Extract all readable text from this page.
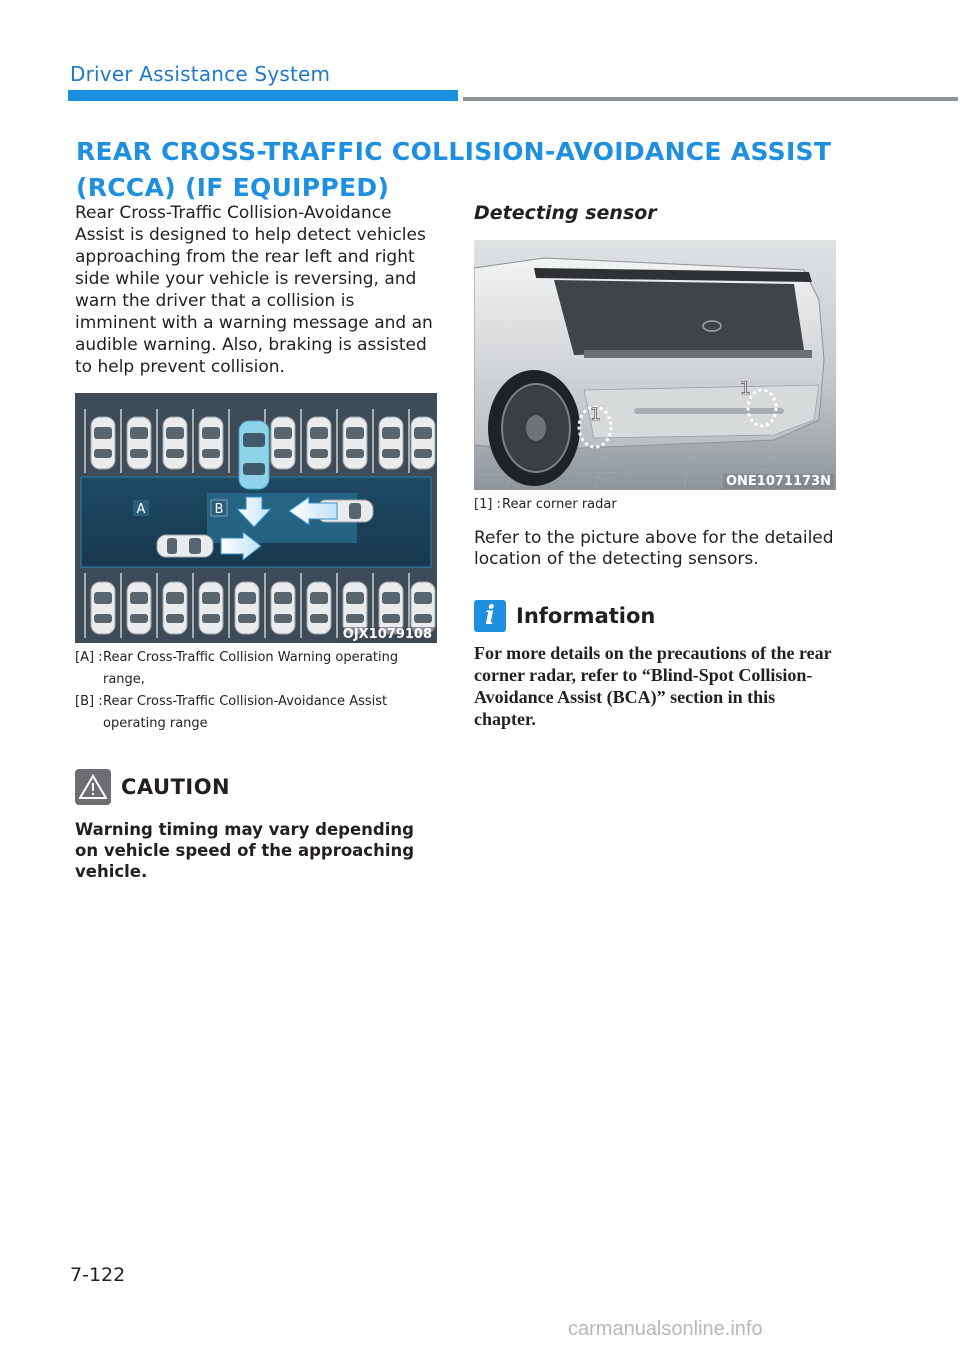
Driver Assistance System
REAR CROSS-TRAFFIC COLLISION-AVOIDANCE ASSIST
(RCCA) (IF EQUIPPED)

Rear Cross-Traffic Collision-Avoidance Assist is designed to help detect vehicles approaching from the rear left and right side while your vehicle is reversing, and warn the driver that a collision is imminent with a warning message and an audible warning. Also, braking is assisted to help prevent collision.

A	B
OJX1079108
[A] : Rear Cross-Traffic Collision Warning operating range,
[B] : Rear Cross-Traffic Collision-Avoidance Assist operating range
CAUTION

Warning timing may vary depending on vehicle speed of the approaching vehicle.

Detecting sensor

1
1
ONE1071173N
[1] : Rear corner radar

Refer to the picture above for the detailed location of the detecting sensors.

i	Information

For more details on the precautions of the rear corner radar, refer to “Blind-Spot Collision-Avoidance Assist (BCA)” section in this chapter.

7-122
carmanualsonline.info
